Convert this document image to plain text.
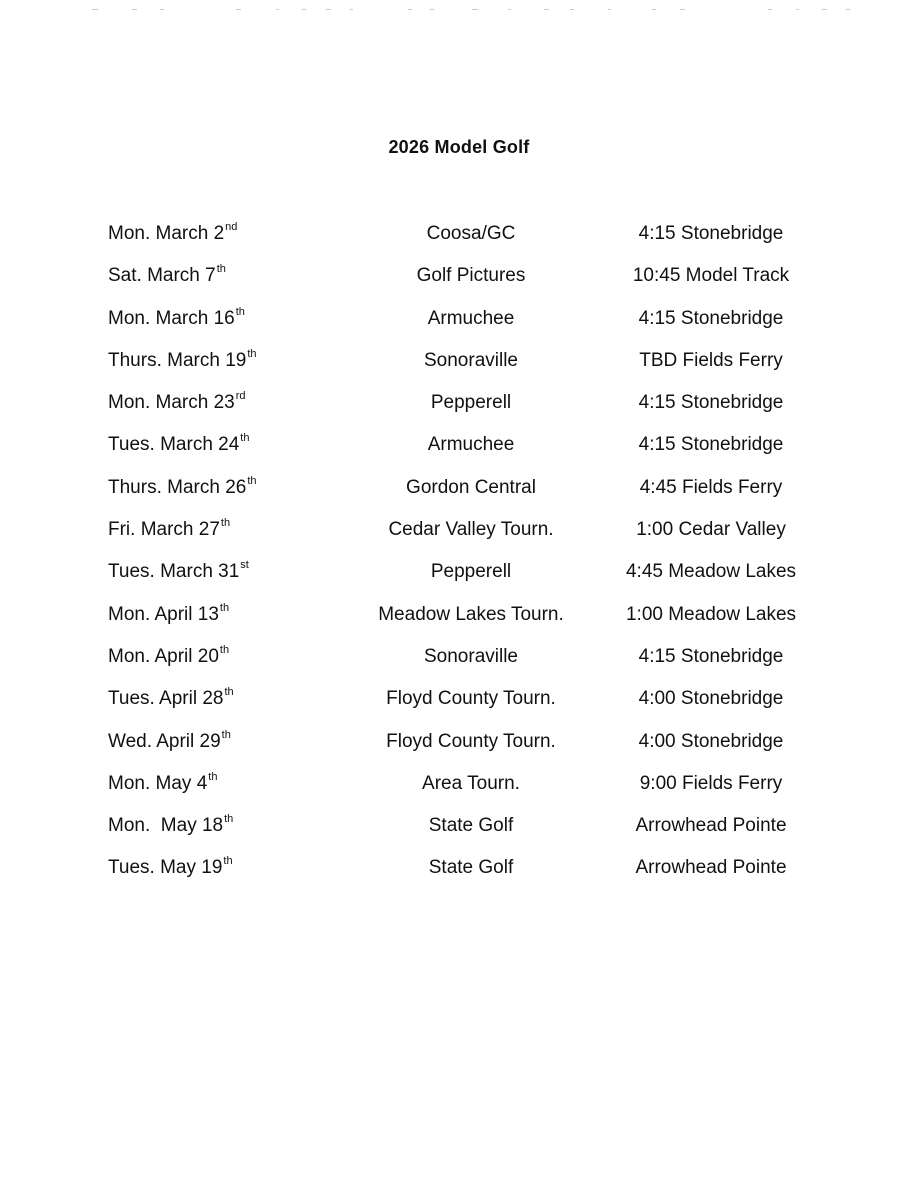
2026 Model Golf
Mon. March 2nd	Coosa/GC	4:15 Stonebridge
Sat. March 7th	Golf Pictures	10:45 Model Track
Mon. March 16th	Armuchee	4:15 Stonebridge
Thurs. March 19th	Sonoraville	TBD Fields Ferry
Mon. March 23rd	Pepperell	4:15 Stonebridge
Tues. March 24th	Armuchee	4:15 Stonebridge
Thurs. March 26th	Gordon Central	4:45 Fields Ferry
Fri. March 27th	Cedar Valley Tourn.	1:00 Cedar Valley
Tues. March 31st	Pepperell	4:45 Meadow Lakes
Mon. April 13th	Meadow Lakes Tourn.	1:00 Meadow Lakes
Mon. April 20th	Sonoraville	4:15 Stonebridge
Tues. April 28th	Floyd County Tourn.	4:00 Stonebridge
Wed. April 29th	Floyd County Tourn.	4:00 Stonebridge
Mon. May 4th	Area Tourn.	9:00 Fields Ferry
Mon.  May 18th	State Golf	Arrowhead Pointe
Tues. May 19th	State Golf	Arrowhead Pointe
